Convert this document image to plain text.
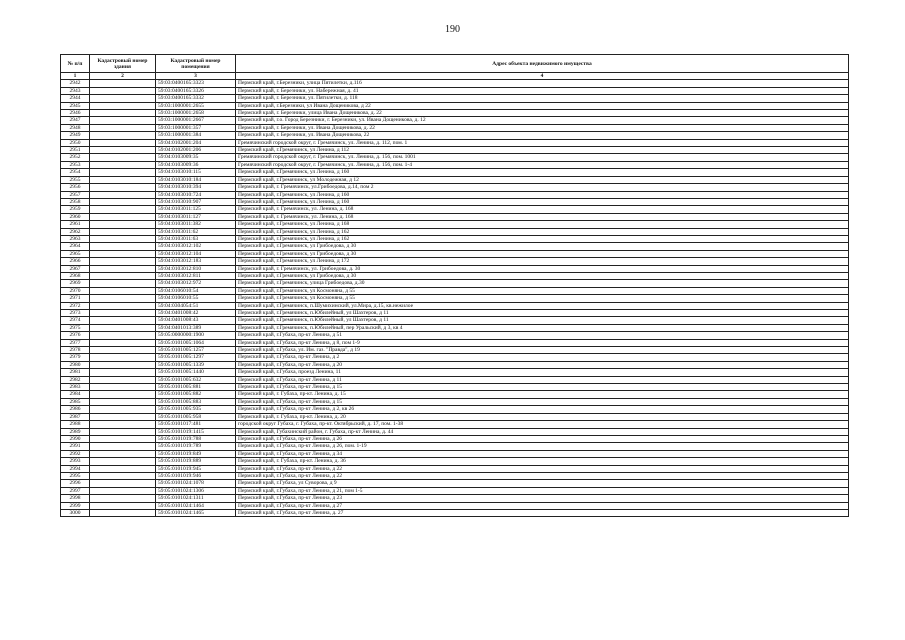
190
№ п/п	Кадастровый номер здания	Кадастровый номер помещения	Адрес объекта недвижимого имущества
1	2	3	4
2942		59:03:0400165:3323	Пермский край, г.Березники, улица Пятилетки, д.116
2943		59:03:0400165:3326	Пермский край, г. Березники, ул. Набережная, д. 41
2944		59:03:0400165:3332	Пермский край, г. Березники, ул. Пятилетки, д. 118
2945		59:03:1000001:2655	Пермский край, г.Березники, ул Ивана Дощеникова, д 22
2946		59:03:1000001:2658	Пермский край, г. Березники, улица Ивана Дощеникова, д. 22
2947		59:03:1000001:2667	Пермский край, г.о. Город Березники, г. Березники, ул. Ивана Дощеникова, д. 12
2948		59:03:1000001:357	Пермский край, г. Березники, ул. Ивана Дощеникова, д. 22
2949		59:03:1000001:384	Пермский край, г. Березники, ул. Ивана Дощеникова, 22
2950		59:04:0102001:204	Гремячинский городской округ, г. Гремячинск, ул. Ленина, д. 112, пом. 1
2951		59:04:0102001:206	Пермский край, г.Гремячинск, ул Ленина, д 112
2952		59:04:0103009:35	Гремячинский городской округ, г. Гремячинск, ул. Ленина, д. 156, пом. 1001
2953		59:04:0103009:36	Гремячинский городской округ, г. Гремячинск, ул. Ленина, д. 156, пом. 1-4
2954		59:04:0103010:115	Пермский край, г.Гремячинск, ул Ленина, д 160
2955		59:04:0103010:184	Пермский край, г.Гремячинск, ул Молодежная, д 12
2956		59:04:0103010:394	Пермский край, г. Гремячинск, ул.Грибоедова, д.14, пом 2
2957		59:04:0103010:724	Пермский край, г.Гремячинск, ул Ленина, д 160
2958		59:04:0103010:907	Пермский край, г.Гремячинск, ул Ленина, д 160
2959		59:04:0103011:125	Пермский край, г. Гремячинск, ул. Ленина, д. 168
2960		59:04:0103011:127	Пермский край, г. Гремячинск, ул. Ленина, д. 168
2961		59:04:0103011:382	Пермский край, г.Гремячинск, ул Ленина, д 168
2962		59:04:0103011:62	Пермский край, г.Гремячинск, ул Ленина, д 162
2963		59:04:0103011:63	Пермский край, г.Гремячинск, ул Ленина, д 162
2964		59:04:0103012:102	Пермский край, г.Гремячинск, ул Грибоедова, д 30
2965		59:04:0103012:104	Пермский край, г.Гремячинск, ул Грибоедова, д 30
2966		59:04:0103012:183	Пермский край, г.Гремячинск, ул Ленина, д 172
2967		59:04:0103012:810	Пермский край, г. Гремячинск, ул. Грибоедова, д. 30
2968		59:04:0103012:811	Пермский край, г.Гремячинск, ул Грибоедова, д 30
2969		59:04:0103012:972	Пермский край, г.Гремячинск, улица Грибоедова, д.30
2970		59:04:0106010:54	Пермский край, г.Гремячинск, ул Космоняна, д 55
2971		59:04:0106010:55	Пермский край, г.Гремячинск, ул Космоняна, д 55
2972		59:04:0304054:51	Пермский край, г.Гремячинск, п.Шумихинский, ул.Мира, д.15, кв.нежилое
2973		59:04:0401008:42	Пермский край, г.Гремячинск, п.Юбилейный, ул Шахтеров, д 11
2974		59:04:0401008:43	Пермский край, г.Гремячинск, п.Юбилейный, ул Шахтеров, д 11
2975		59:04:0401013:389	Пермский край, г.Гремячинск, п.Юбилейный, пер Уральский, д 3, кв 4
2976		59:05:0000000:1900	Пермский край, г.Губаха, пр-кт Ленина, д 51
2977		59:05:0101005:1064	Пермский край, г.Губаха, пр-кт Ленина, д 8, пом 1-9
2978		59:05:0101005:1257	Пермский край, г.Губаха, ул. Им. газ. "Правда", д 19
2979		59:05:0101005:1297	Пермский край, г.Губаха, пр-кт Ленина, д 2
2980		59:05:0101005:1339	Пермский край, г.Губаха, пр-кт Ленина, д 20
2981		59:05:0101005:1440	Пермский край, г.Губаха, проезд Ленина, 11
2982		59:05:0101005:632	Пермский край, г.Губаха, пр-кт Ленина, д 11
2983		59:05:0101005:881	Пермский край, г.Губаха, пр-кт Ленина, д 15
2984		59:05:0101005:882	Пермский край, г. Губаха, пр-кт. Ленина, д. 15
2985		59:05:0101005:883	Пермский край, г.Губаха, пр-кт Ленина, д 15
2986		59:05:0101005:935	Пермский край, г.Губаха, пр-кт Ленина, д 2, кв 26
2987		59:05:0101005:958	Пермский край, г. Губаха, пр-кт. Ленина, д. 20
2988		59:05:0101017:481	городской округ Губаха, г. Губаха, пр-кт. Октябрьский, д. 17, пом. 1-38
2989		59:05:0101019:1415	Пермский край, Губахинский район, г. Губаха, пр-кт Ленина, д. 44
2990		59:05:0101019:788	Пермский край, г.Губаха, пр-кт Ленина, д 26
2991		59:05:0101019:789	Пермский край, г.Губаха, пр-кт Ленина, д 26, пом. 1-19
2992		59:05:0101019:849	Пермский край, г.Губаха, пр-кт Ленина, д 34
2993		59:05:0101019:889	Пермский край, г. Губаха, пр-кт. Ленина, д. 36
2994		59:05:0101019:945	Пермский край, г.Губаха, пр-кт Ленина, д 22
2995		59:05:0101019:946	Пермский край, г.Губаха, пр-кт Ленина, д 22
2996		59:05:0101024:1078	Пермский край, г.Губаха, ул Суворова, д 9
2997		59:05:0101024:1306	Пермский край, г.Губаха, пр-кт Ленина, д 21, пом 1-5
2998		59:05:0101024:1311	Пермский край, г.Губаха, пр-кт Ленина, д 23
2999		59:05:0101024:1464	Пермский край, г.Губаха, пр-кт Ленина, д 27
3000		59:05:0101024:1465	Пермский край, г.Губаха, пр-кт Ленина, д. 27
